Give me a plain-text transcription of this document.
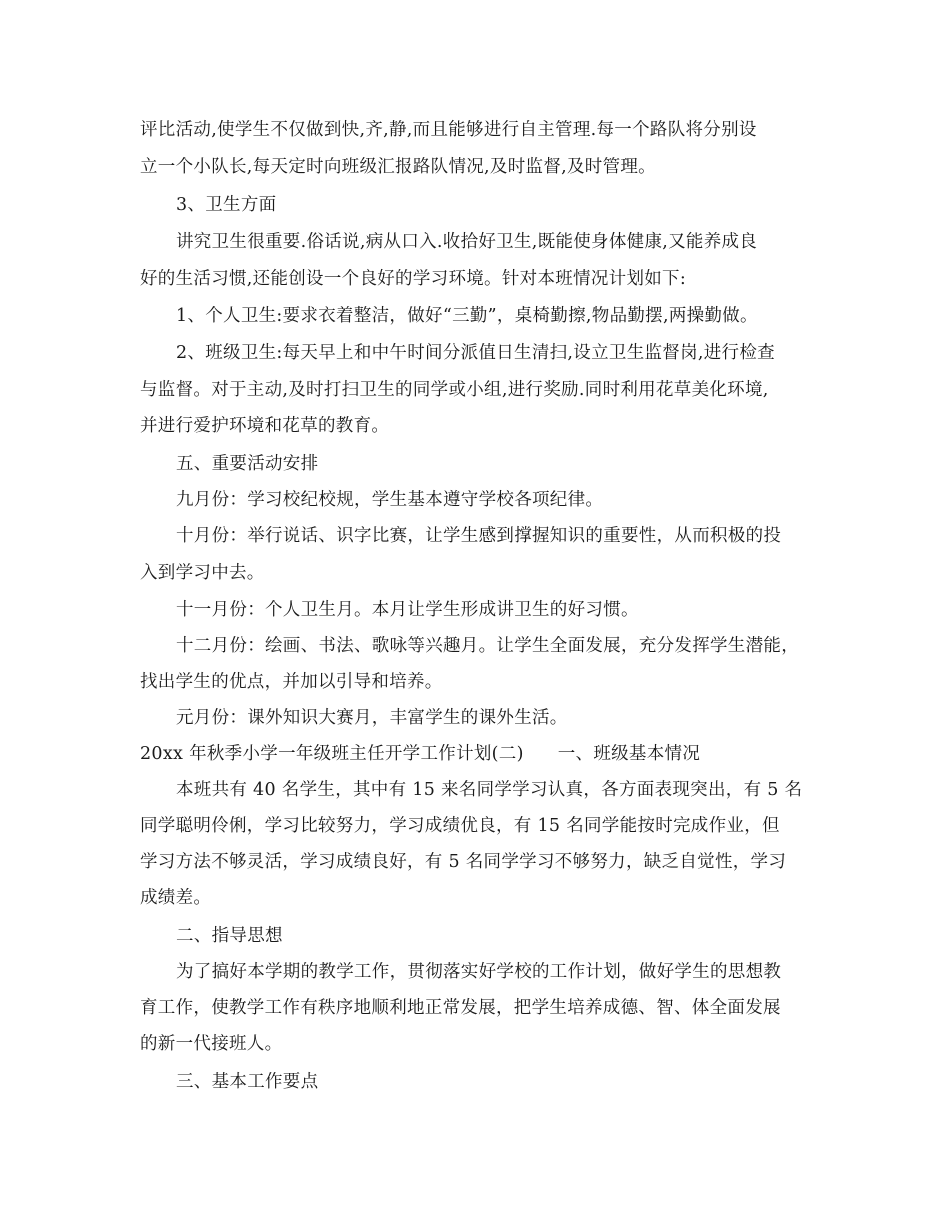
评比活动,使学生不仅做到快,齐,静,而且能够进行自主管理.每一个路队将分别设
立一个小队长,每天定时向班级汇报路队情况,及时监督,及时管理。
3、卫生方面
讲究卫生很重要.俗话说,病从口入.收拾好卫生,既能使身体健康,又能养成良
好的生活习惯,还能创设一个良好的学习环境。针对本班情况计划如下:
1、个人卫生:要求衣着整洁，做好“三勤”，桌椅勤擦,物品勤摆,两操勤做。
2、班级卫生:每天早上和中午时间分派值日生清扫,设立卫生监督岗,进行检查
与监督。对于主动,及时打扫卫生的同学或小组,进行奖励.同时利用花草美化环境,
并进行爱护环境和花草的教育。
五、重要活动安排
九月份：学习校纪校规，学生基本遵守学校各项纪律。
十月份：举行说话、识字比赛，让学生感到撑握知识的重要性，从而积极的投
入到学习中去。
十一月份：个人卫生月。本月让学生形成讲卫生的好习惯。
十二月份：绘画、书法、歌咏等兴趣月。让学生全面发展，充分发挥学生潜能，
找出学生的优点，并加以引导和培养。
元月份：课外知识大赛月，丰富学生的课外生活。
20xx 年秋季小学一年级班主任开学工作计划(二) 一、班级基本情况
本班共有 40 名学生，其中有 15 来名同学学习认真，各方面表现突出，有 5 名
同学聪明伶俐，学习比较努力，学习成绩优良，有 15 名同学能按时完成作业，但
学习方法不够灵活，学习成绩良好，有 5 名同学学习不够努力，缺乏自觉性，学习
成绩差。
二、指导思想
为了搞好本学期的教学工作，贯彻落实好学校的工作计划，做好学生的思想教
育工作，使教学工作有秩序地顺利地正常发展，把学生培养成德、智、体全面发展
的新一代接班人。
三、基本工作要点
